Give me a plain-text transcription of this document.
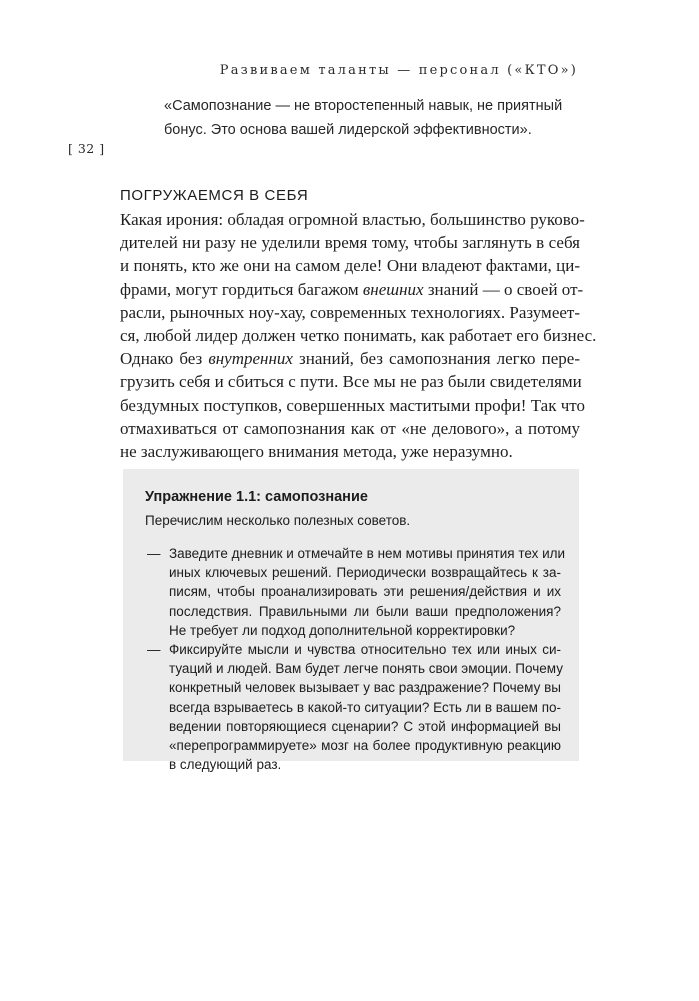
Развиваем таланты — персонал («КТО»)
[ 32 ]
«Самопознание — не второстепенный навык, не приятный
бонус. Это основа вашей лидерской эффективности».
ПОГРУЖАЕМСЯ В СЕБЯ
Какая ирония: обладая огромной властью, большинство руково-
дителей ни разу не уделили время тому, чтобы заглянуть в себя
и понять, кто же они на самом деле! Они владеют фактами, ци-
фрами, могут гордиться багажом внешних знаний — о своей от-
расли, рыночных ноу-хау, современных технологиях. Разумеет-
ся, любой лидер должен четко понимать, как работает его бизнес.
Однако без внутренних знаний, без самопознания легко пере-
грузить себя и сбиться с пути. Все мы не раз были свидетелями
бездумных поступков, совершенных маститыми профи! Так что
отмахиваться от самопознания как от «не делового», а потому
не заслуживающего внимания метода, уже неразумно.
Упражнение 1.1: самопознание
Перечислим несколько полезных советов.
— Заведите дневник и отмечайте в нем мотивы принятия тех или
иных ключевых решений. Периодически возвращайтесь к за-
писям, чтобы проанализировать эти решения/действия и их
последствия. Правильными ли были ваши предположения?
Не требует ли подход дополнительной корректировки?
— Фиксируйте мысли и чувства относительно тех или иных си-
туаций и людей. Вам будет легче понять свои эмоции. Почему
конкретный человек вызывает у вас раздражение? Почему вы
всегда взрываетесь в какой-то ситуации? Есть ли в вашем по-
ведении повторяющиеся сценарии? С этой информацией вы
«перепрограммируете» мозг на более продуктивную реакцию
в следующий раз.
